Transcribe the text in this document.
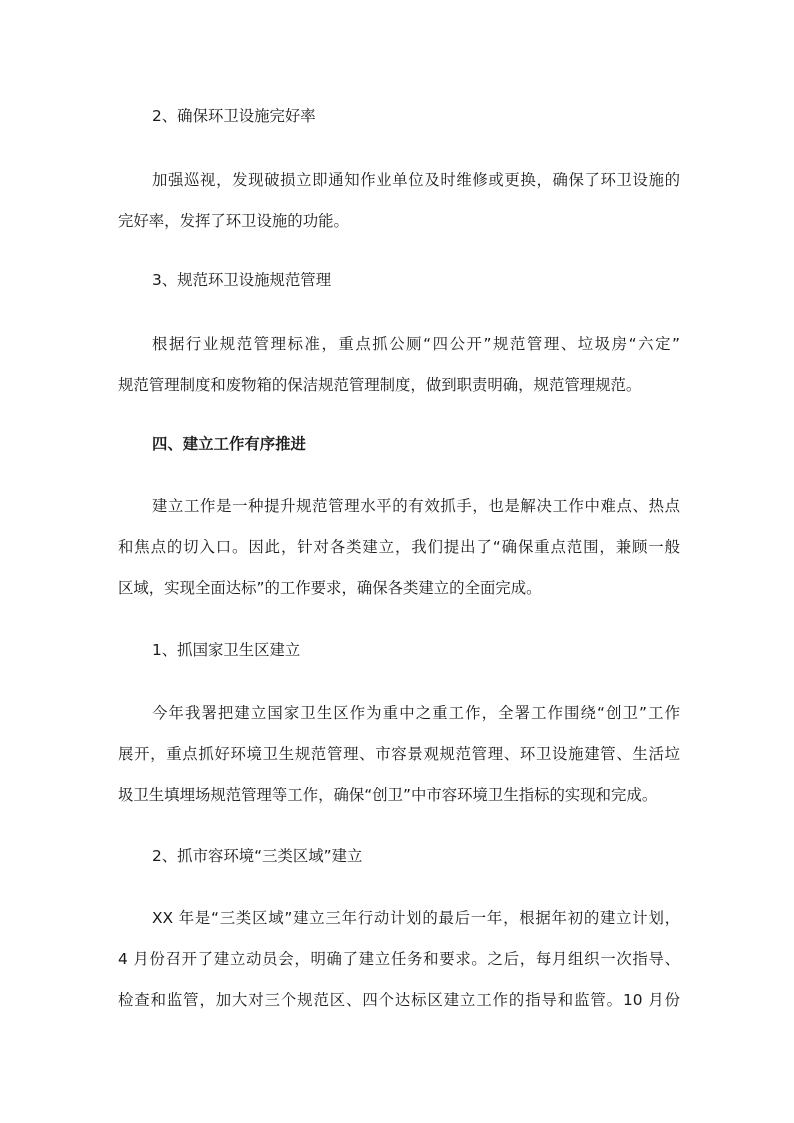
2、确保环卫设施完好率
加强巡视，发现破损立即通知作业单位及时维修或更换，确保了环卫设施的
完好率，发挥了环卫设施的功能。
3、规范环卫设施规范管理
根据行业规范管理标准，重点抓公厕“四公开”规范管理、垃圾房“六定”
规范管理制度和废物箱的保洁规范管理制度，做到职责明确，规范管理规范。
四、建立工作有序推进
建立工作是一种提升规范管理水平的有效抓手，也是解决工作中难点、热点
和焦点的切入口。因此，针对各类建立，我们提出了“确保重点范围，兼顾一般
区域，实现全面达标”的工作要求，确保各类建立的全面完成。
1、抓国家卫生区建立
今年我署把建立国家卫生区作为重中之重工作，全署工作围绕“创卫”工作
展开，重点抓好环境卫生规范管理、市容景观规范管理、环卫设施建管、生活垃
圾卫生填埋场规范管理等工作，确保“创卫”中市容环境卫生指标的实现和完成。
2、抓市容环境“三类区域”建立
XX 年是“三类区域”建立三年行动计划的最后一年，根据年初的建立计划，
4 月份召开了建立动员会，明确了建立任务和要求。之后，每月组织一次指导、
检查和监管，加大对三个规范区、四个达标区建立工作的指导和监管。10 月份
